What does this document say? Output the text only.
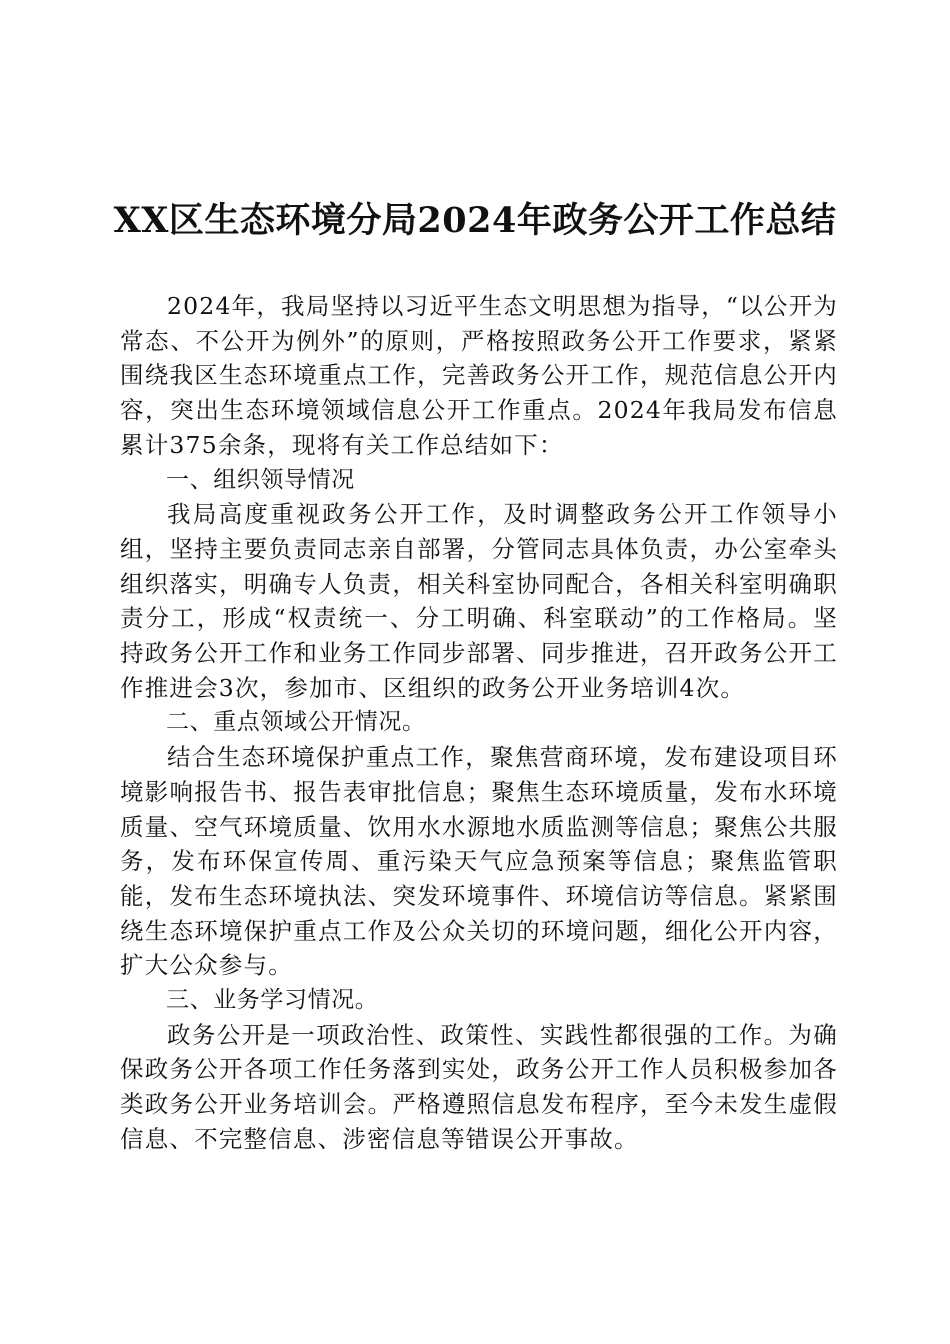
XX区生态环境分局2024年政务公开工作总结

2024年，我局坚持以习近平生态文明思想为指导，“以公开为常态、不公开为例外”的原则，严格按照政务公开工作要求，紧紧围绕我区生态环境重点工作，完善政务公开工作，规范信息公开内容，突出生态环境领域信息公开工作重点。2024年我局发布信息累计375余条，现将有关工作总结如下：

一、组织领导情况

我局高度重视政务公开工作，及时调整政务公开工作领导小组，坚持主要负责同志亲自部署，分管同志具体负责，办公室牵头组织落实，明确专人负责，相关科室协同配合，各相关科室明确职责分工，形成“权责统一、分工明确、科室联动”的工作格局。坚持政务公开工作和业务工作同步部署、同步推进，召开政务公开工作推进会3次，参加市、区组织的政务公开业务培训4次。

二、重点领域公开情况。

结合生态环境保护重点工作，聚焦营商环境，发布建设项目环境影响报告书、报告表审批信息；聚焦生态环境质量，发布水环境质量、空气环境质量、饮用水水源地水质监测等信息；聚焦公共服务，发布环保宣传周、重污染天气应急预案等信息；聚焦监管职能，发布生态环境执法、突发环境事件、环境信访等信息。紧紧围绕生态环境保护重点工作及公众关切的环境问题，细化公开内容，扩大公众参与。

三、业务学习情况。

政务公开是一项政治性、政策性、实践性都很强的工作。为确保政务公开各项工作任务落到实处，政务公开工作人员积极参加各类政务公开业务培训会。严格遵照信息发布程序，至今未发生虚假信息、不完整信息、涉密信息等错误公开事故。
